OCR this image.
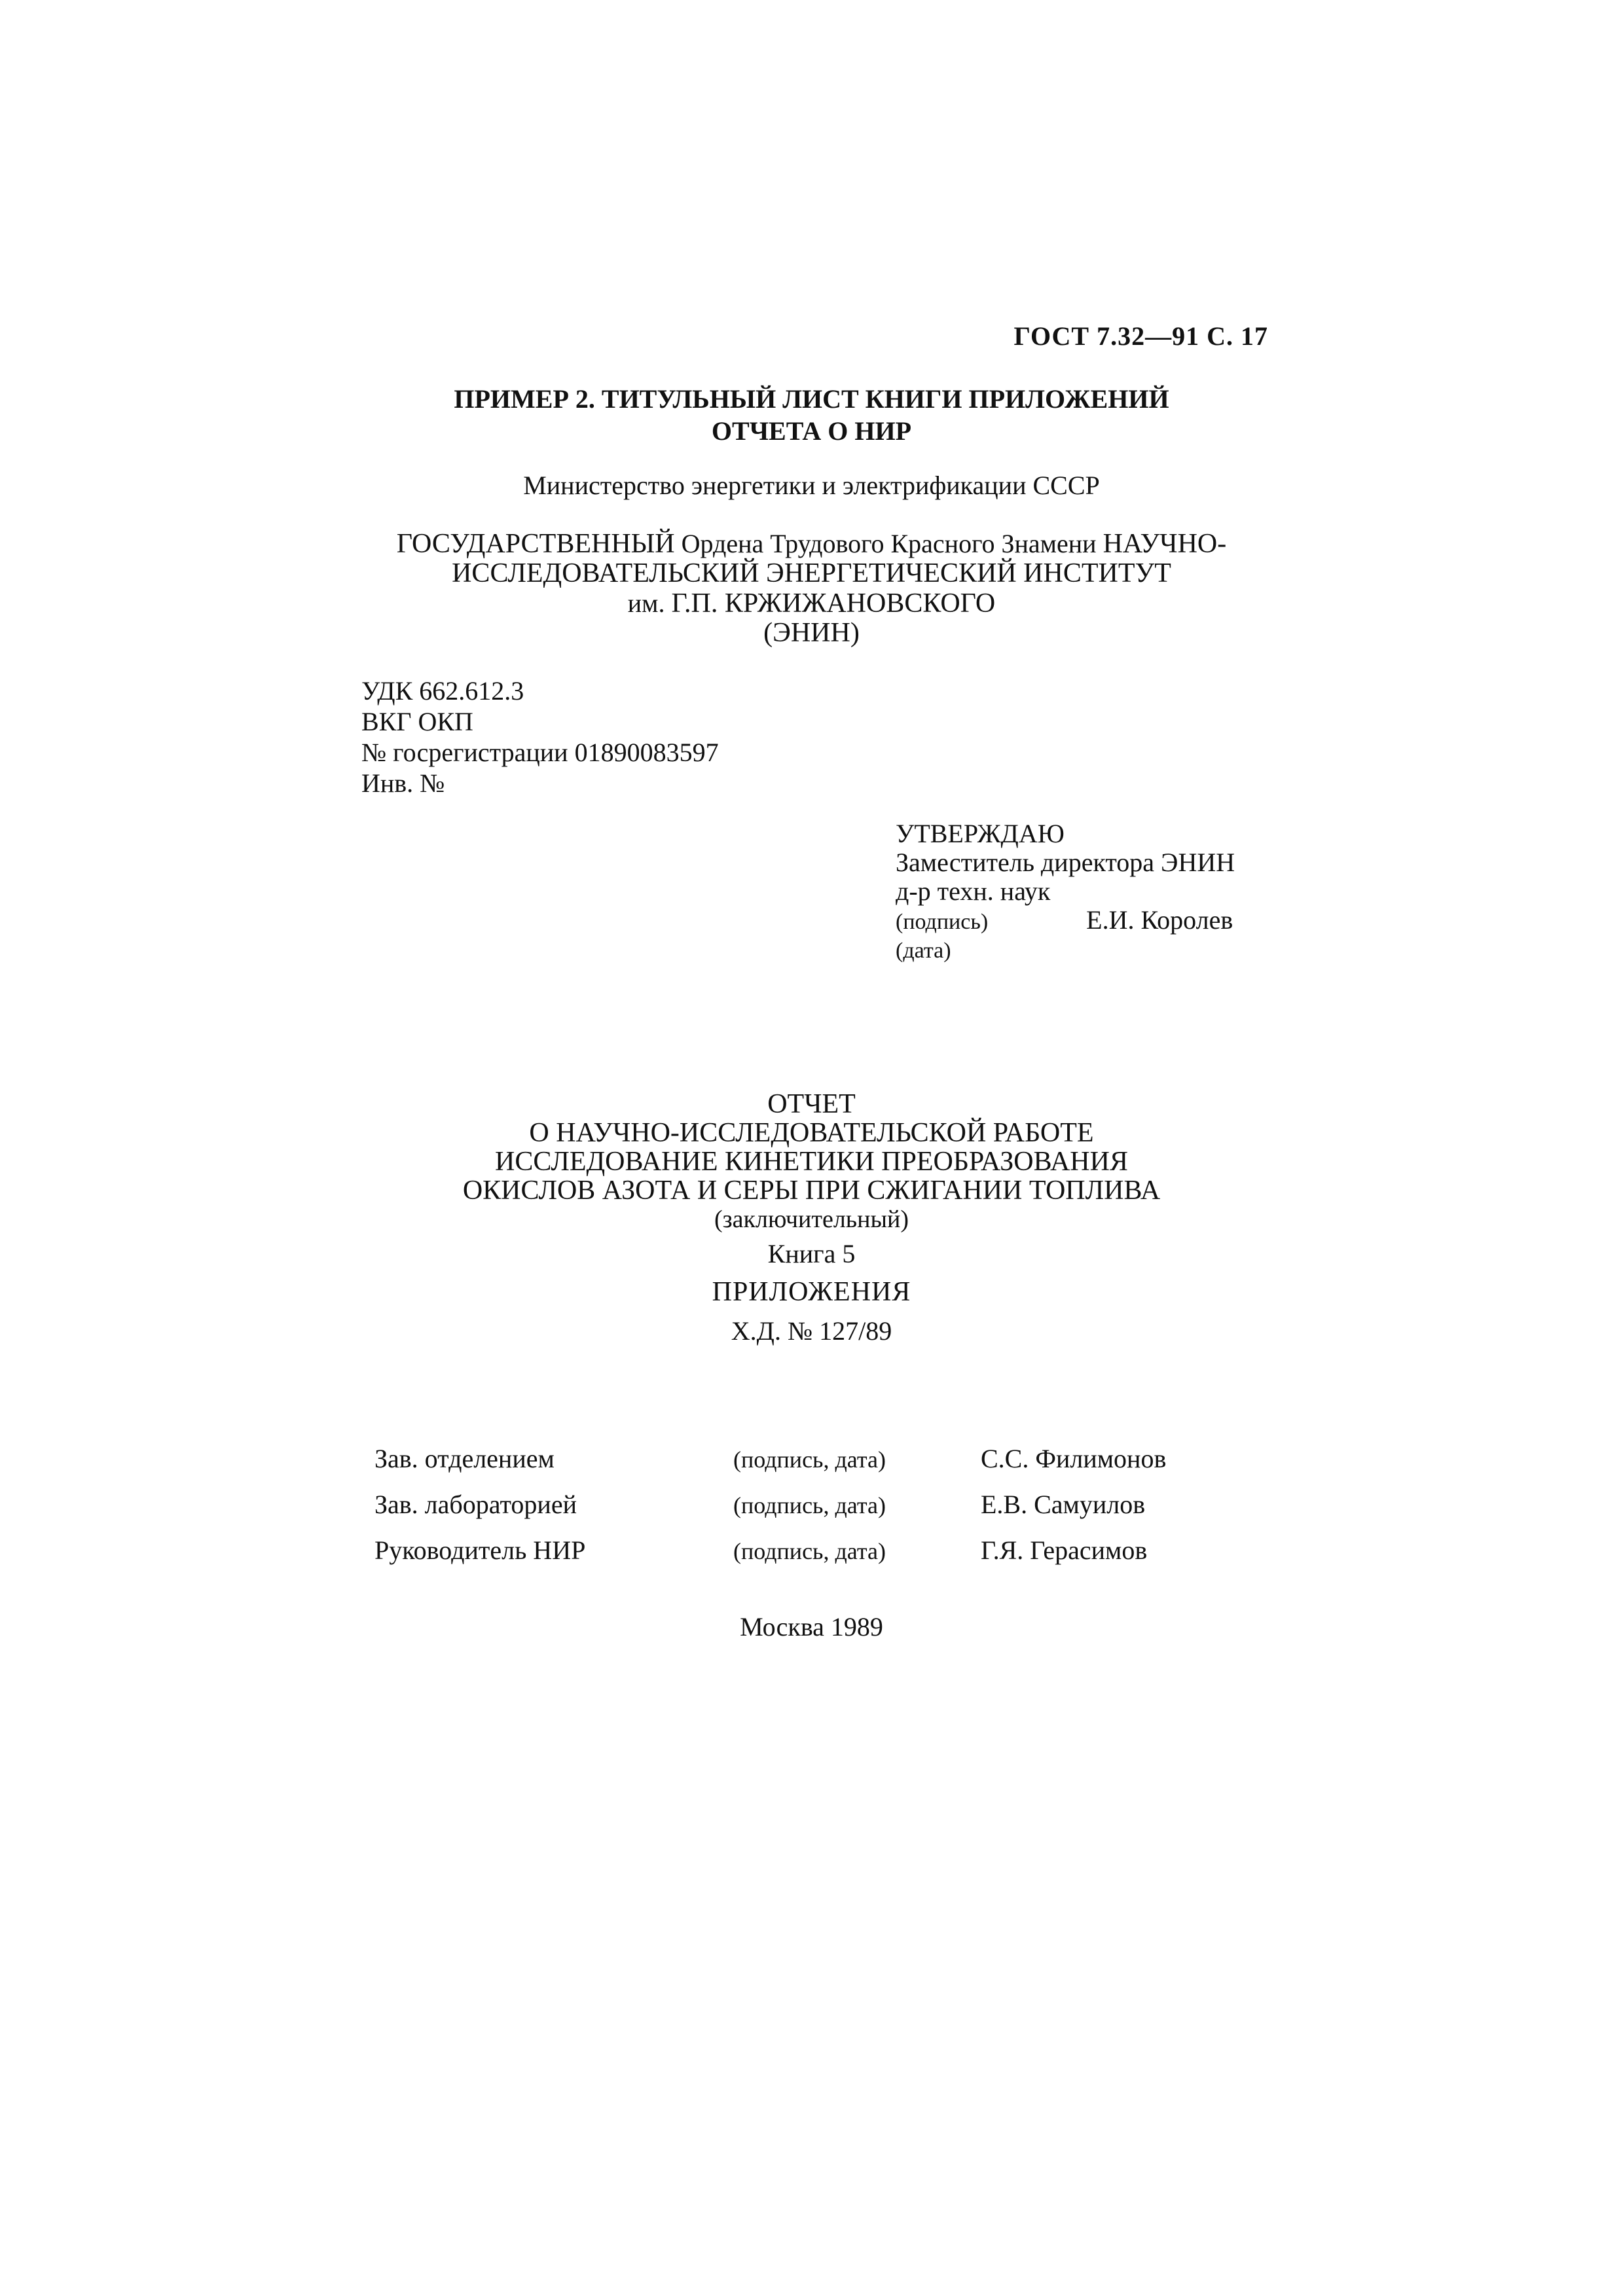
ГОСТ 7.32—91 С. 17
ПРИМЕР 2. ТИТУЛЬНЫЙ ЛИСТ КНИГИ ПРИЛОЖЕНИЙ
ОТЧЕТА О НИР
Министерство энергетики и электрификации СССР
ГОСУДАРСТВЕННЫЙ Ордена Трудового Красного Знамени НАУЧНО-
ИССЛЕДОВАТЕЛЬСКИЙ ЭНЕРГЕТИЧЕСКИЙ ИНСТИТУТ
им. Г.П. КРЖИЖАНОВСКОГО
(ЭНИН)
УДК 662.612.3
ВКГ ОКП
№ госрегистрации 01890083597
Инв. №
УТВЕРЖДАЮ
Заместитель директора ЭНИН
д-р техн. наук
(подпись)	Е.И. Королев
(дата)
ОТЧЕТ
О НАУЧНО-ИССЛЕДОВАТЕЛЬСКОЙ РАБОТЕ
ИССЛЕДОВАНИЕ КИНЕТИКИ ПРЕОБРАЗОВАНИЯ
ОКИСЛОВ АЗОТА И СЕРЫ ПРИ СЖИГАНИИ ТОПЛИВА
(заключительный)
Книга 5
ПРИЛОЖЕНИЯ
Х.Д. № 127/89
Зав. отделением	(подпись, дата)	С.С. Филимонов
Зав. лабораторией	(подпись, дата)	Е.В. Самуилов
Руководитель НИР	(подпись, дата)	Г.Я. Герасимов
Москва 1989
